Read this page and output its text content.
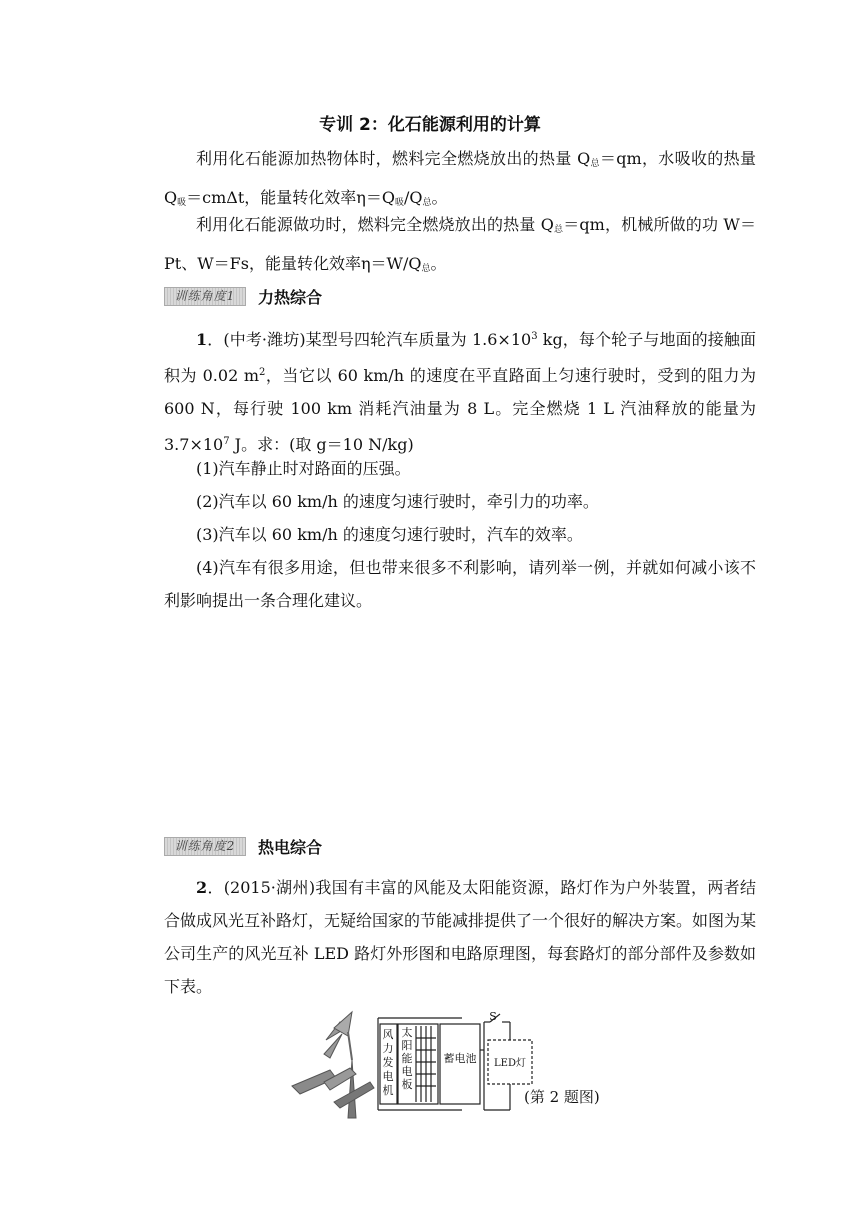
专训 2：化石能源利用的计算
利用化石能源加热物体时，燃料完全燃烧放出的热量 $Q_总=qm$，水吸收的热量 $Q_吸=cm\Delta t$，能量转化效率$\eta=Q_吸/Q_总$。
利用化石能源做功时，燃料完全燃烧放出的热量 $Q_总=qm$，机械所做的功 W＝Pt、W＝Fs，能量转化效率$\eta=W/Q_总$。
训练角度1	力热综合
1．(中考·潍坊)某型号四轮汽车质量为 $1.6\times 10^3$ kg，每个轮子与地面的接触面积为 0.02 $m^2$，当它以 60 km/h 的速度在平直路面上匀速行驶时，受到的阻力为 600 N，每行驶 100 km 消耗汽油量为 8 L。完全燃烧 1 L 汽油释放的能量为 $3.7\times 10^7$ J。求：(取 g＝10 N/kg)
(1)汽车静止时对路面的压强。
(2)汽车以 60 km/h 的速度匀速行驶时，牵引力的功率。
(3)汽车以 60 km/h 的速度匀速行驶时，汽车的效率。
(4)汽车有很多用途，但也带来很多不利影响，请列举一例，并就如何减小该不利影响提出一条合理化建议。
训练角度2	热电综合
2．(2015·湖州)我国有丰富的风能及太阳能资源，路灯作为户外装置，两者结合做成风光互补路灯，无疑给国家的节能减排提供了一个很好的解决方案。如图为某公司生产的风光互补 LED 路灯外形图和电路原理图，每套路灯的部分部件及参数如下表。
风力发电机
太阳能电板
蓄电池
S
LED灯
(第 2 题图)
